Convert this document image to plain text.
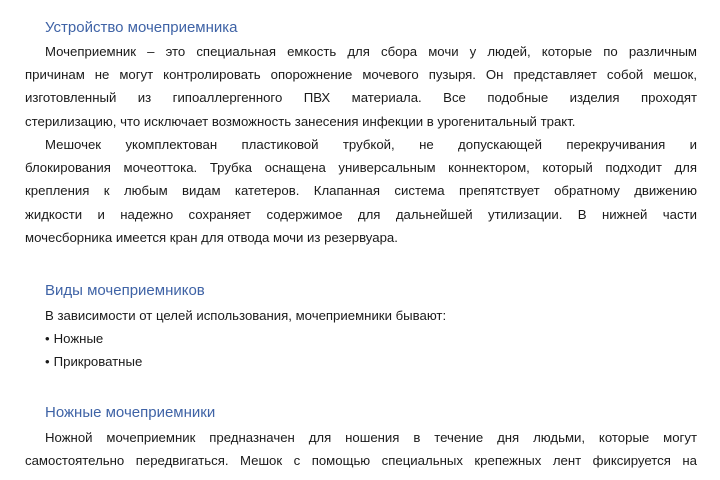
Устройство мочеприемника
Мочеприемник – это специальная емкость для сбора мочи у людей, которые по различным
причинам не могут контролировать опорожнение мочевого пузыря. Он представляет собой мешок,
изготовленный из гипоаллергенного ПВХ материала. Все подобные изделия проходят
стерилизацию, что исключает возможность занесения инфекции в урогенитальный тракт.
Мешочек укомплектован пластиковой трубкой, не допускающей перекручивания и
блокирования мочеоттока. Трубка оснащена универсальным коннектором, который подходит для
крепления к любым видам катетеров. Клапанная система препятствует обратному движению
жидкости и надежно сохраняет содержимое для дальнейшей утилизации. В нижней части
мочесборника имеется кран для отвода мочи из резервуара.
Виды мочеприемников
В зависимости от целей использования, мочеприемники бывают:
• Ножные
• Прикроватные
Ножные мочеприемники
Ножной мочеприемник предназначен для ношения в течение дня людьми, которые могут
самостоятельно передвигаться. Мешок с помощью специальных крепежных лент фиксируется на
